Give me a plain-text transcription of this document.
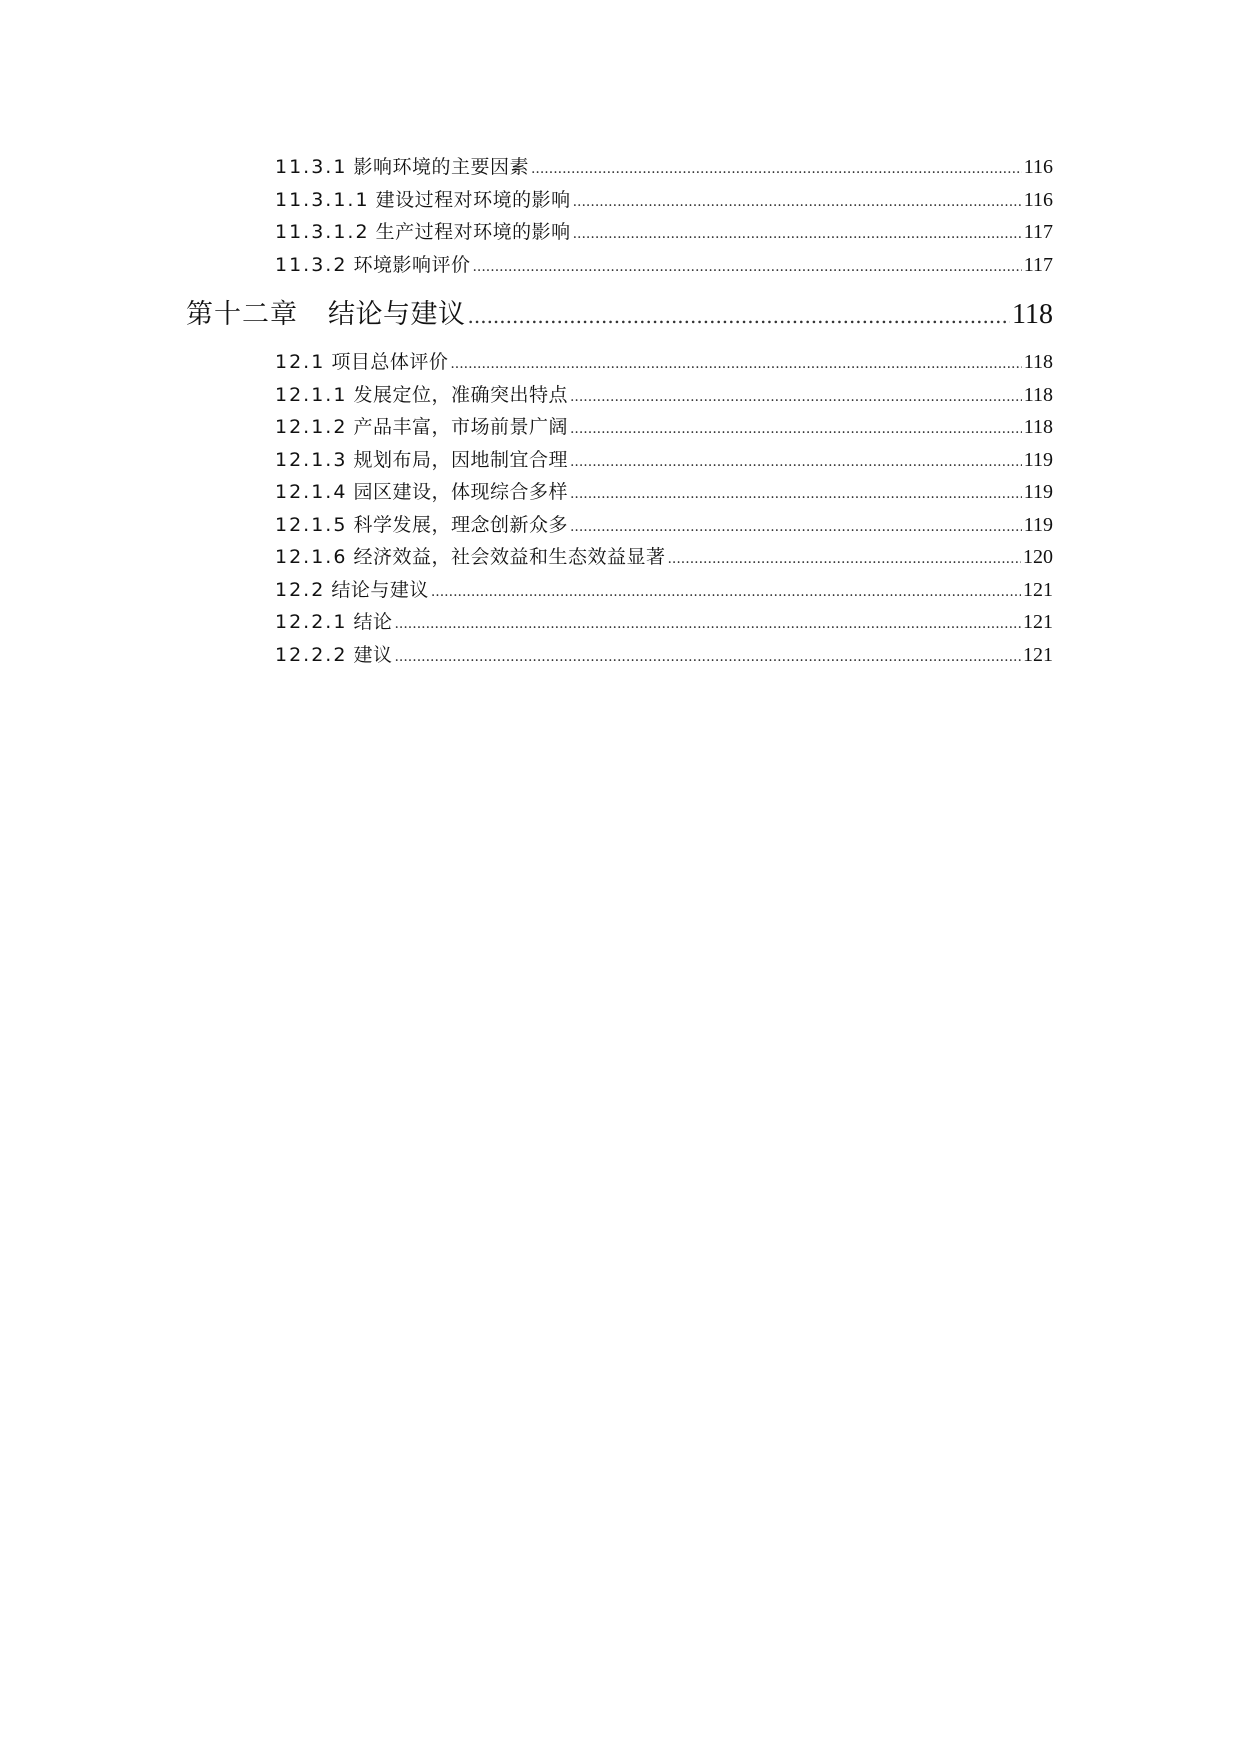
11.3.1 影响环境的主要因素 .....	116
11.3.1.1 建设过程对环境的影响 .....	116
11.3.1.2 生产过程对环境的影响 .....	117
11.3.2 环境影响评价 .....	117
第十二章 结论与建议 .....	118
12.1 项目总体评价 .....	118
12.1.1 发展定位，准确突出特点 .....	118
12.1.2 产品丰富，市场前景广阔 .....	118
12.1.3 规划布局，因地制宜合理 .....	119
12.1.4 园区建设，体现综合多样 .....	119
12.1.5 科学发展，理念创新众多 .....	119
12.1.6 经济效益，社会效益和生态效益显著 .....	120
12.2 结论与建议 .....	121
12.2.1 结论 .....	121
12.2.2 建议 .....	121
